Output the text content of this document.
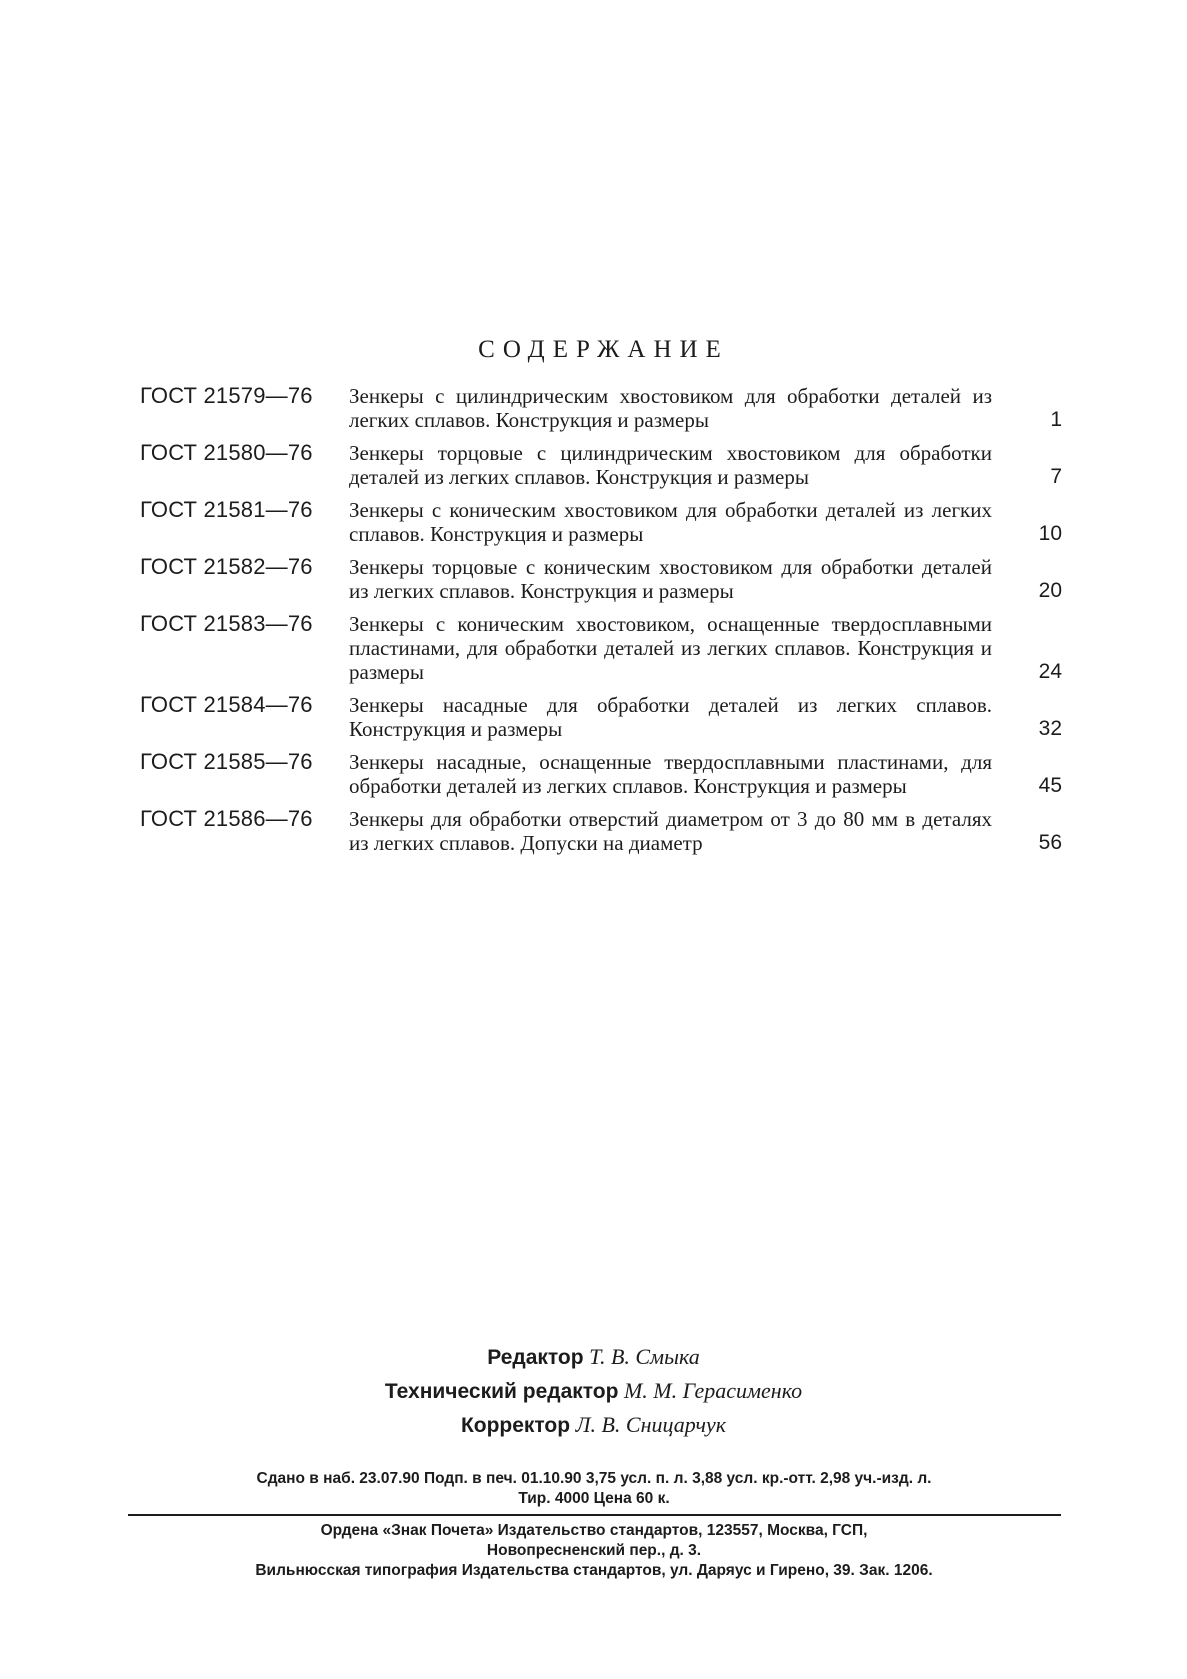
СОДЕРЖАНИЕ
ГОСТ 21579—76 Зенкеры с цилиндрическим хвостовиком для обработки деталей из легких сплавов. Конструкция и размеры	1
ГОСТ 21580—76 Зенкеры торцовые с цилиндрическим хвостовиком для обработки деталей из легких сплавов. Конструкция и размеры	7
ГОСТ 21581—76 Зенкеры с коническим хвостовиком для обработки деталей из легких сплавов. Конструкция и размеры	10
ГОСТ 21582—76 Зенкеры торцовые с коническим хвостовиком для обработки деталей из легких сплавов. Конструкция и размеры	20
ГОСТ 21583—76 Зенкеры с коническим хвостовиком, оснащенные твердосплавными пластинами, для обработки деталей из легких сплавов. Конструкция и размеры	24
ГОСТ 21584—76 Зенкеры насадные для обработки деталей из легких сплавов. Конструкция и размеры	32
ГОСТ 21585—76 Зенкеры насадные, оснащенные твердосплавными пластинами, для обработки деталей из легких сплавов. Конструкция и размеры	45
ГОСТ 21586—76 Зенкеры для обработки отверстий диаметром от 3 до 80 мм в деталях из легких сплавов. Допуски на диаметр	56
Редактор Т. В. Смыка
Технический редактор М. М. Герасименко
Корректор Л. В. Сницарчук
Сдано в наб. 23.07.90 Подп. в печ. 01.10.90 3,75 усл. п. л. 3,88 усл. кр.-отт. 2,98 уч.-изд. л.
Тир. 4000 Цена 60 к.
Ордена «Знак Почета» Издательство стандартов, 123557, Москва, ГСП,
Новопресненский пер., д. 3.
Вильнюсская типография Издательства стандартов, ул. Даряус и Гирено, 39. Зак. 1206.
